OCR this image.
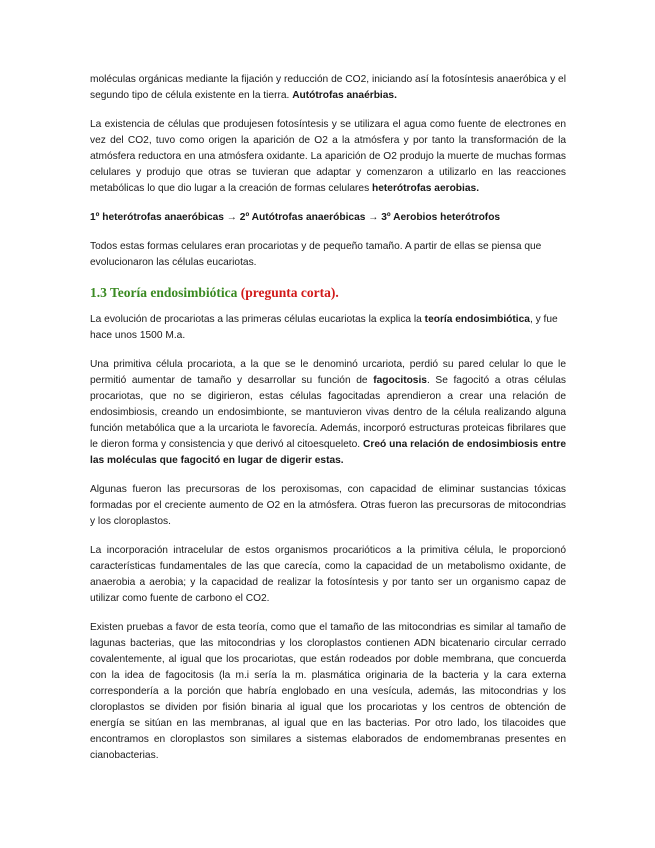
moléculas orgánicas mediante la fijación y reducción de CO2, iniciando así la fotosíntesis anaeróbica y el segundo tipo de célula existente en la tierra. Autótrofas anaérbias.

La existencia de células que produjesen fotosíntesis y se utilizara el agua como fuente de electrones en vez del CO2, tuvo como origen la aparición de O2 a la atmósfera y por tanto la transformación de la atmósfera reductora en una atmósfera oxidante. La aparición de O2 produjo la muerte de muchas formas celulares y produjo que otras se tuvieran que adaptar y comenzaron a utilizarlo en las reacciones metabólicas lo que dio lugar a la creación de formas celulares heterótrofas aerobias.

1º heterótrofas anaeróbicas → 2º Autótrofas anaeróbicas → 3º Aerobios heterótrofos

Todos estas formas celulares eran procariotas y de pequeño tamaño. A partir de ellas se piensa que evolucionaron las células eucariotas.

1.3 Teoría endosimbiótica (pregunta corta).

La evolución de procariotas a las primeras células eucariotas la explica la teoría endosimbiótica, y fue hace unos 1500 M.a.

Una primitiva célula procariota, a la que se le denominó urcariota, perdió su pared celular lo que le permitió aumentar de tamaño y desarrollar su función de fagocitosis. Se fagocitó a otras células procariotas, que no se digirieron, estas células fagocitadas aprendieron a crear una relación de endosimbiosis, creando un endosimbionte, se mantuvieron vivas dentro de la célula realizando alguna función metabólica que a la urcariota le favorecía. Además, incorporó estructuras proteicas fibrilares que le dieron forma y consistencia y que derivó al citoesqueleto. Creó una relación de endosimbiosis entre las moléculas que fagocitó en lugar de digerir estas.

Algunas fueron las precursoras de los peroxisomas, con capacidad de eliminar sustancias tóxicas formadas por el creciente aumento de O2 en la atmósfera. Otras fueron las precursoras de mitocondrias y los cloroplastos.

La incorporación intracelular de estos organismos procarióticos a la primitiva célula, le proporcionó características fundamentales de las que carecía, como la capacidad de un metabolismo oxidante, de anaerobia a aerobia; y la capacidad de realizar la fotosíntesis y por tanto ser un organismo capaz de utilizar como fuente de carbono el CO2.

Existen pruebas a favor de esta teoría, como que el tamaño de las mitocondrias es similar al tamaño de lagunas bacterias, que las mitocondrias y los cloroplastos contienen ADN bicatenario circular cerrado covalentemente, al igual que los procariotas, que están rodeados por doble membrana, que concuerda con la idea de fagocitosis (la m.i sería la m. plasmática originaria de la bacteria y la cara externa correspondería a la porción que habría englobado en una vesícula, además, las mitocondrias y los cloroplastos se dividen por fisión binaria al igual que los procariotas y los centros de obtención de energía se sitúan en las membranas, al igual que en las bacterias. Por otro lado, los tilacoides que encontramos en cloroplastos son similares a sistemas elaborados de endomembranas presentes en cianobacterias.
